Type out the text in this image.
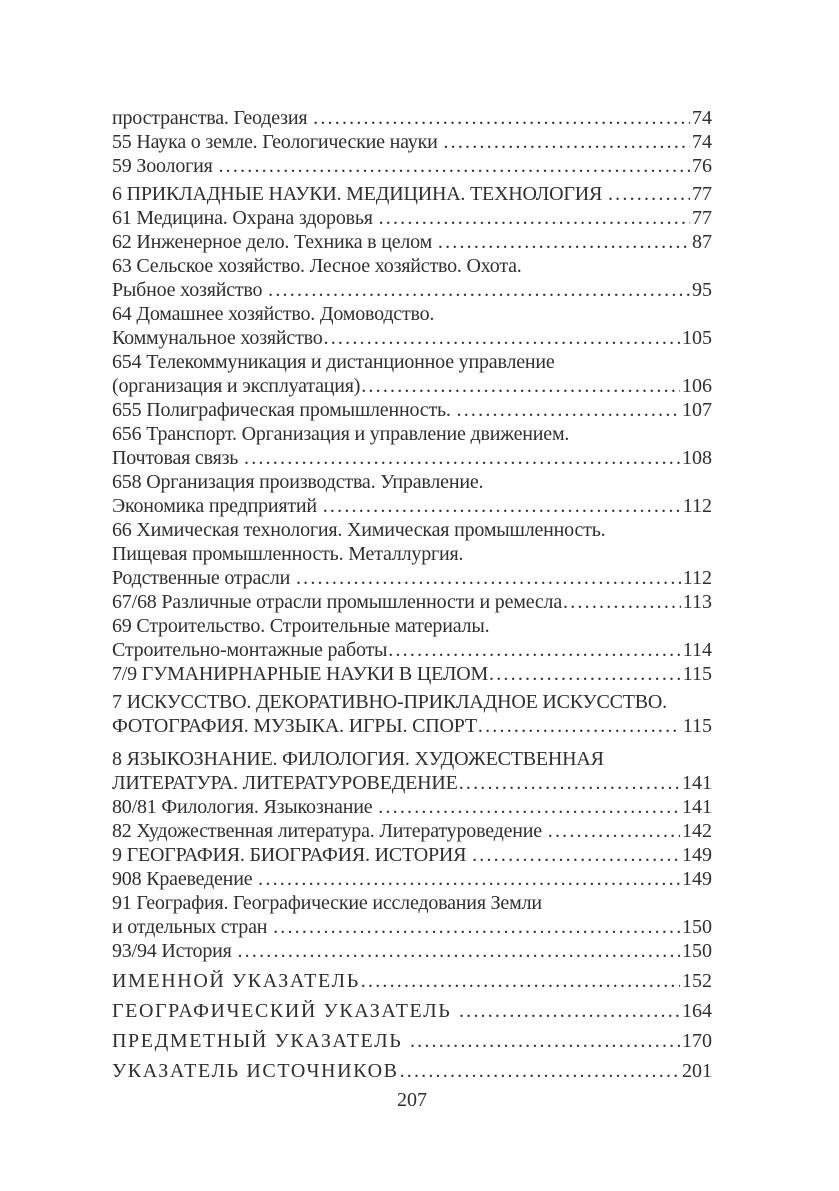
пространства. Геодезия .....	74
55 Наука о земле. Геологические науки .....	74
59 Зоология .....	76
6 ПРИКЛАДНЫЕ НАУКИ. МЕДИЦИНА. ТЕХНОЛОГИЯ .....	77
61 Медицина. Охрана здоровья .....	77
62 Инженерное дело. Техника в целом .....	87
63 Сельское хозяйство. Лесное хозяйство. Охота.
Рыбное хозяйство .....	95
64 Домашнее хозяйство. Домоводство.
Коммунальное хозяйство .....	105
654 Телекоммуникация и дистанционное управление
(организация и эксплуатация) .....	106
655 Полиграфическая промышленность. .....	107
656 Транспорт. Организация и управление движением.
Почтовая связь .....	108
658 Организация производства. Управление.
Экономика предприятий .....	112
66 Химическая технология. Химическая промышленность.
Пищевая промышленность. Металлургия.
Родственные отрасли .....	112
67/68 Различные отрасли промышленности и ремесла .....	113
69 Строительство. Строительные материалы.
Строительно-монтажные работы .....	114
7/9 ГУМАНИРНАРНЫЕ НАУКИ В ЦЕЛОМ .....	115
7 ИСКУССТВО. ДЕКОРАТИВНО-ПРИКЛАДНОЕ ИСКУССТВО.
ФОТОГРАФИЯ. МУЗЫКА. ИГРЫ. СПОРТ .....	115
8 ЯЗЫКОЗНАНИЕ. ФИЛОЛОГИЯ. ХУДОЖЕСТВЕННАЯ
ЛИТЕРАТУРА. ЛИТЕРАТУРОВЕДЕНИЕ .....	141
80/81 Филология. Языкознание .....	141
82 Художественная литература. Литературоведение .....	142
9 ГЕОГРАФИЯ. БИОГРАФИЯ. ИСТОРИЯ .....	149
908 Краеведение .....	149
91 География. Географические исследования Земли
и отдельных стран .....	150
93/94 История .....	150
ИМЕННОЙ УКАЗАТЕЛЬ .....	152
ГЕОГРАФИЧЕСКИЙ УКАЗАТЕЛЬ .....	164
ПРЕДМЕТНЫЙ УКАЗАТЕЛЬ .....	170
УКАЗАТЕЛЬ ИСТОЧНИКОВ .....	201
207
